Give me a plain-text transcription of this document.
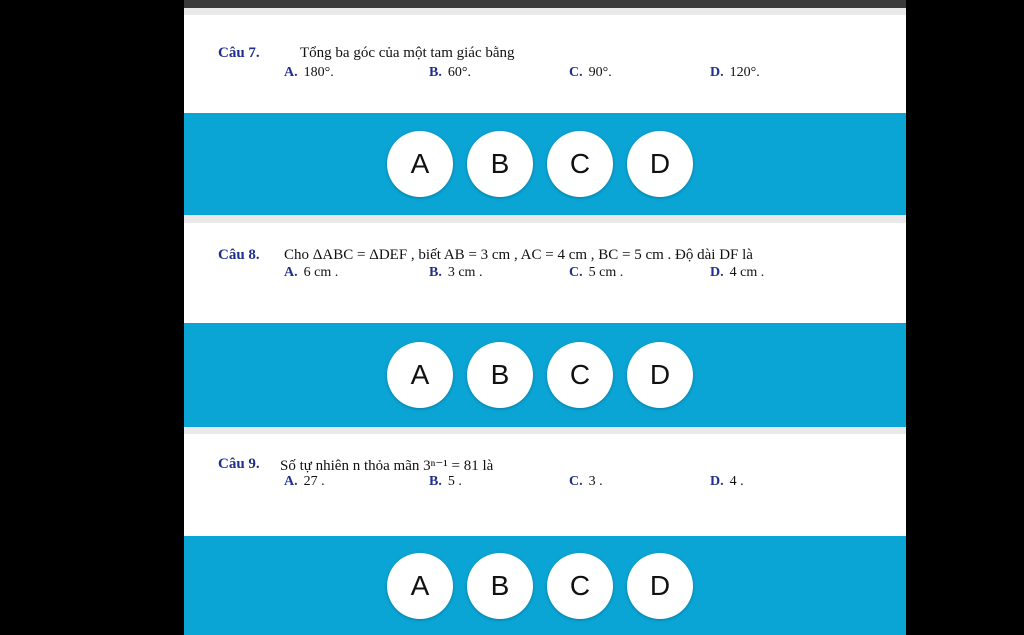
Câu 7.	Tổng ba góc của một tam giác bằng
A. 180°.	B. 60°.	C. 90°.	D. 120°.
A	B	C	D
Câu 8. Cho ΔABC = ΔDEF , biết AB = 3 cm , AC = 4 cm , BC = 5 cm . Độ dài DF là
A. 6 cm .	B. 3 cm .	C. 5 cm .	D. 4 cm .
A	B	C	D
Câu 9. Số tự nhiên n thỏa mãn 3ⁿ⁻¹ = 81 là
A. 27 .	B. 5 .	C. 3 .	D. 4 .
A	B	C	D
